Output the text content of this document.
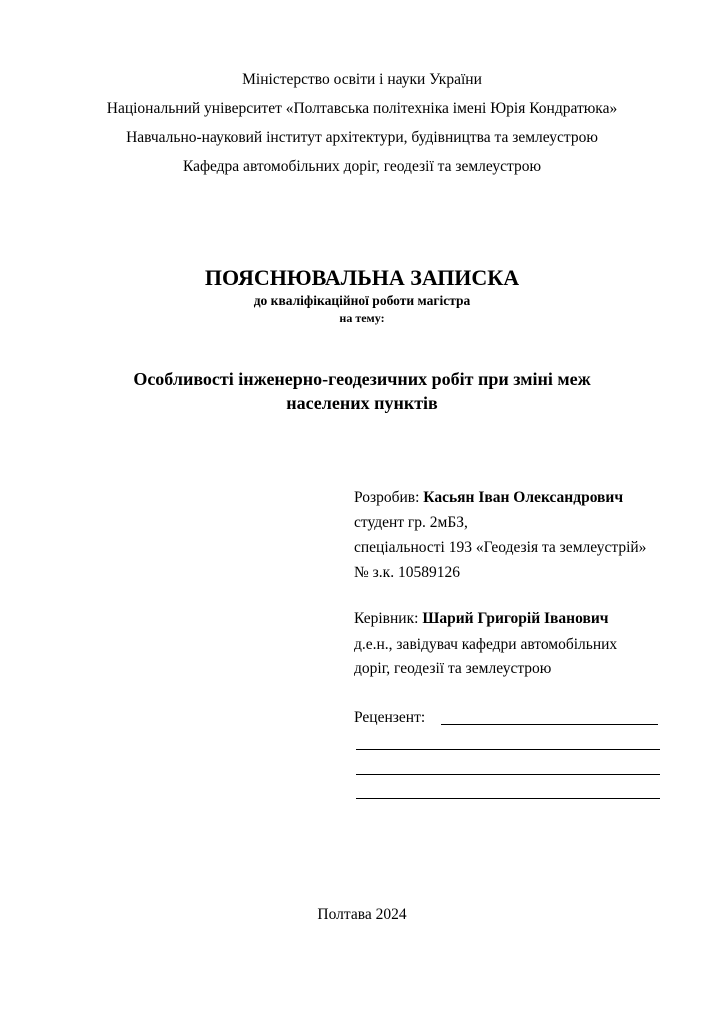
Міністерство освіти і науки України
Національний університет «Полтавська політехніка імені Юрія Кондратюка»
Навчально-науковий інститут архітектури, будівництва та землеустрою
Кафедра автомобільних доріг, геодезії та землеустрою
ПОЯСНЮВАЛЬНА ЗАПИСКА
до кваліфікаційної роботи магістра
на тему:
Особливості інженерно-геодезичних робіт при зміні меж
населених пунктів
Розробив: Касьян Іван Олександрович
студент гр. 2мБЗ,
спеціальності 193 «Геодезія та землеустрій»
№ з.к. 10589126
Керівник: Шарий Григорій Іванович
д.е.н., завідувач кафедри автомобільних
доріг, геодезії та землеустрою
Рецензент:
Полтава 2024
